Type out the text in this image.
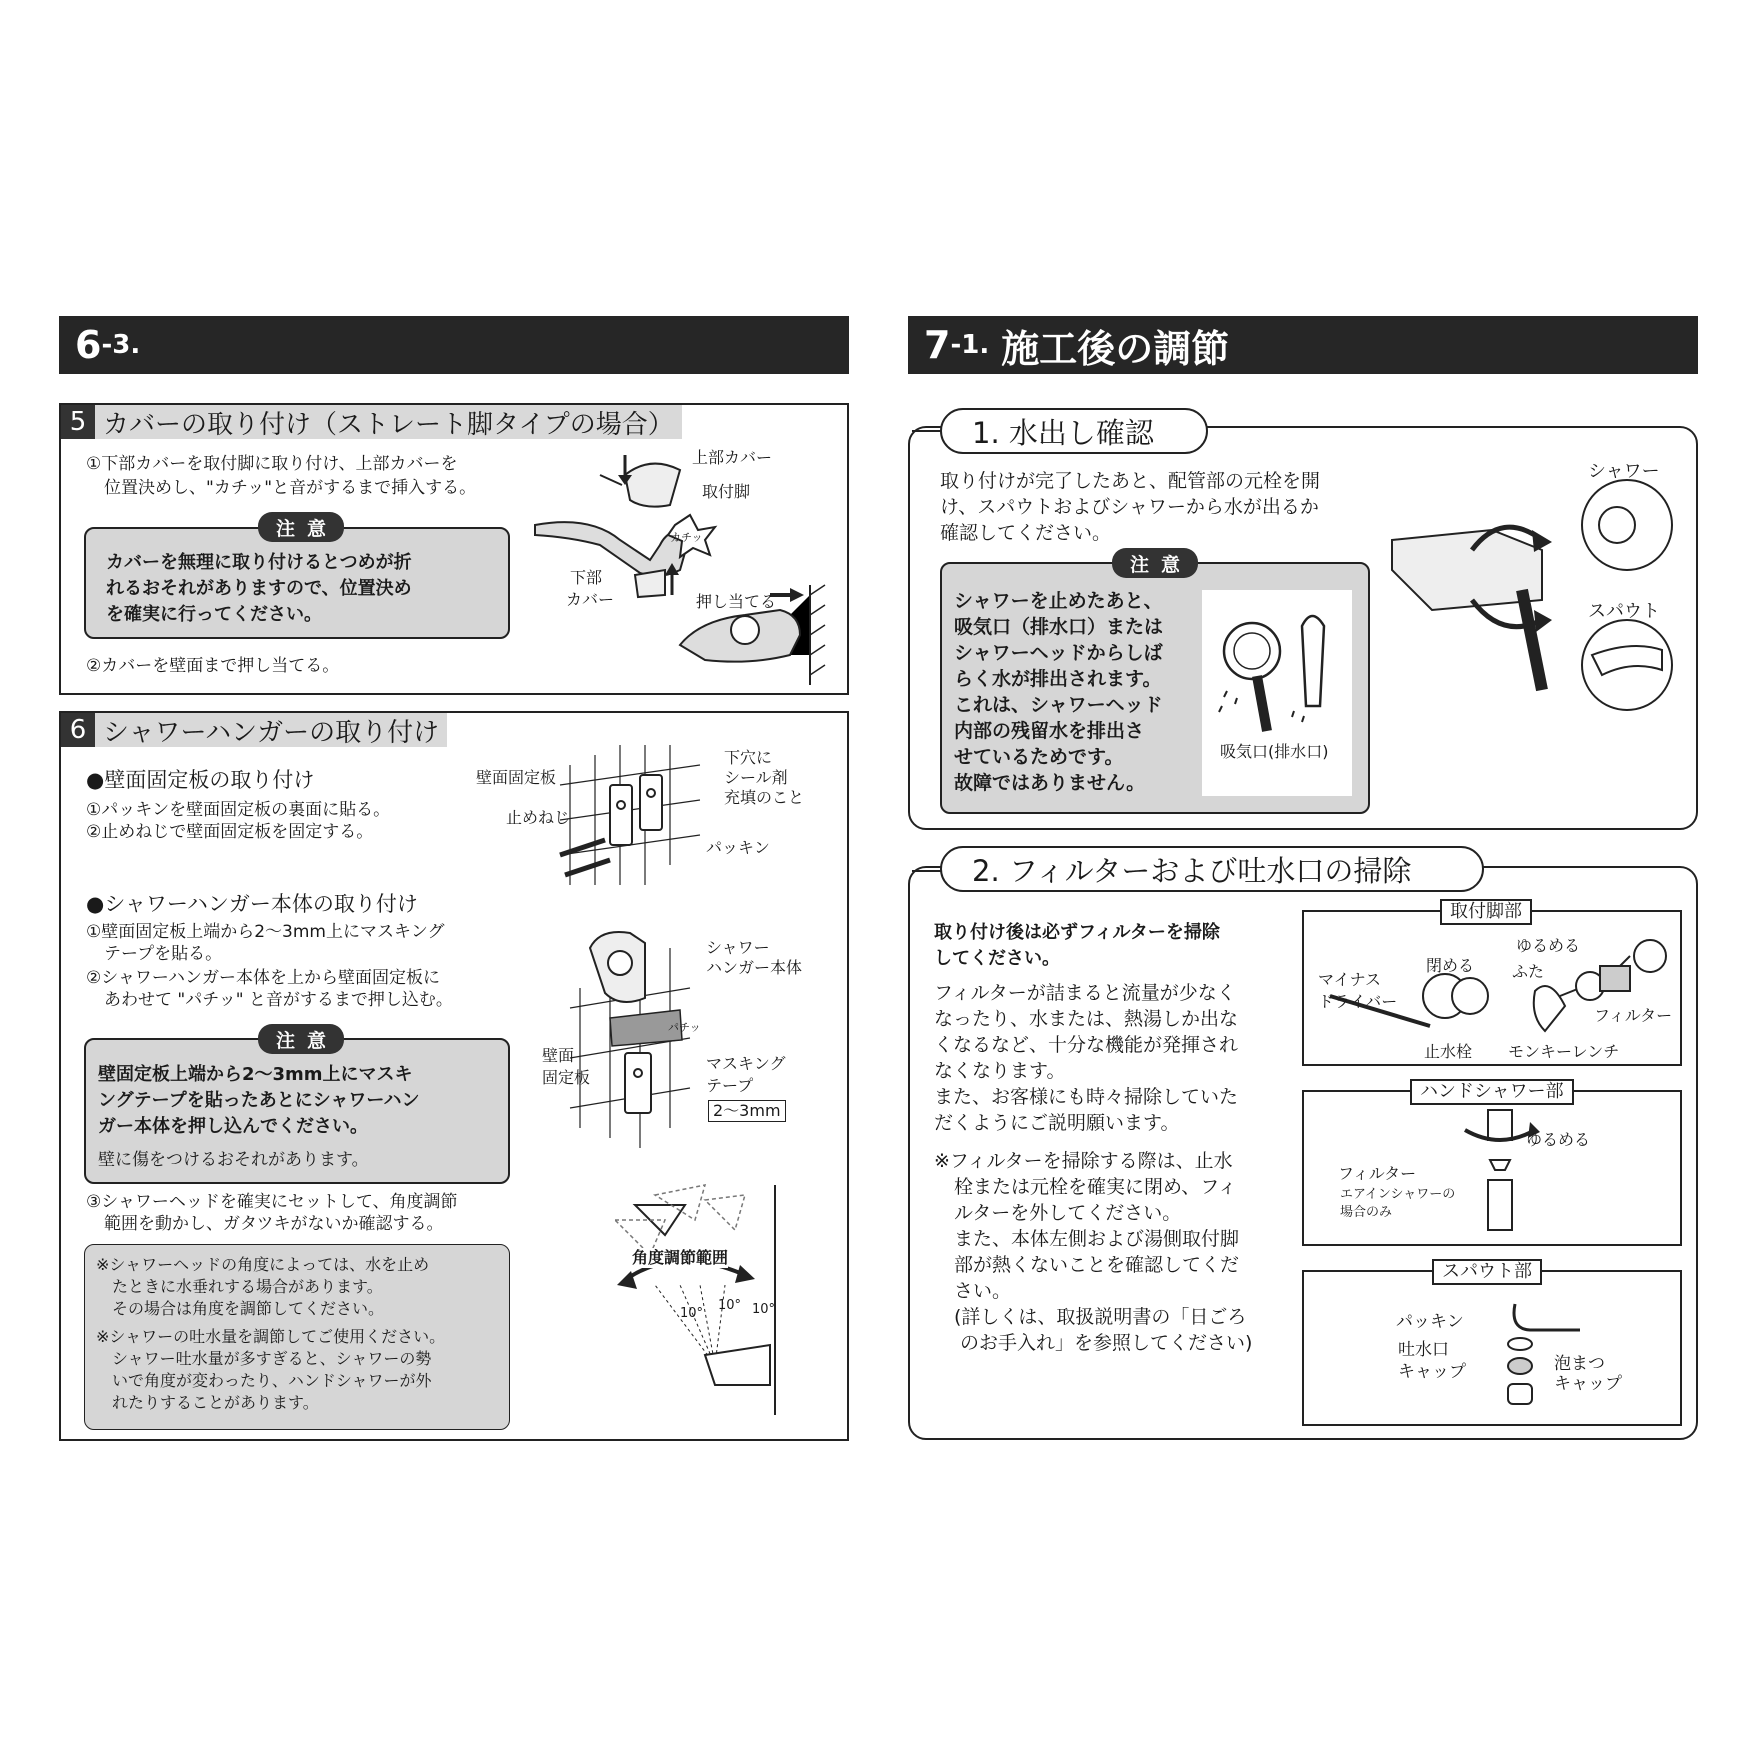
6 -3.	7 -1. 施工後の調節
5 カバーの取り付け（ストレート脚タイプの場合）
①下部カバーを取付脚に取り付け、上部カバーを
位置決めし、"カチッ"と音がするまで挿入する。
注意
カバーを無理に取り付けるとつめが折
れるおそれがありますので、位置決め
を確実に行ってください。
②カバーを壁面まで押し当てる。
上部カバー
取付脚
カチッ
下部
カバー	押し当てる
6 シャワーハンガーの取り付け
●壁面固定板の取り付け
①パッキンを壁面固定板の裏面に貼る。
②止めねじで壁面固定板を固定する。
●シャワーハンガー本体の取り付け
①壁面固定板上端から2～3mm上にマスキング
テープを貼る。
②シャワーハンガー本体を上から壁面固定板に
あわせて "パチッ" と音がするまで押し込む。
注意
壁固定板上端から2～3mm上にマスキ
ングテープを貼ったあとにシャワーハン
ガー本体を押し込んでください。
壁に傷をつけるおそれがあります。
③シャワーヘッドを確実にセットして、角度調節
範囲を動かし、ガタツキがないか確認する。
※シャワーヘッドの角度によっては、水を止め
たときに水垂れする場合があります。
その場合は角度を調節してください。
※シャワーの吐水量を調節してご使用ください。
シャワー吐水量が多すぎると、シャワーの勢
いで角度が変わったり、ハンドシャワーが外
れたりすることがあります。
壁面固定板
下穴に
シール剤
充填のこと
止めねじ
パッキン
シャワー
ハンガー本体
パチッ
壁面
固定板
マスキング
テープ
2～3mm
角度調節範囲
10°
10° 10°
1. 水出し確認
取り付けが完了したあと、配管部の元栓を開
け、スパウトおよびシャワーから水が出るか
確認してください。
注意
シャワーを止めたあと、
吸気口（排水口）または
シャワーヘッドからしば
らく水が排出されます。
これは、シャワーヘッド
内部の残留水を排出さ
せているためです。
故障ではありません。
吸気口(排水口)
シャワー
スパウト
2. フィルターおよび吐水口の掃除
取り付け後は必ずフィルターを掃除
してください。
フィルターが詰まると流量が少なく
なったり、水または、熱湯しか出な
くなるなど、十分な機能が発揮され
なくなります。
また、お客様にも時々掃除していた
だくようにご説明願います。
※フィルターを掃除する際は、止水
栓または元栓を確実に閉め、フィ
ルターを外してください。
また、本体左側および湯側取付脚
部が熱くないことを確認してくだ
さい。
(詳しくは、取扱説明書の「日ごろ
のお手入れ」を参照してください)
取付脚部
マイナス
ドライバー
閉める
ゆるめる
ふた
フィルター
止水栓 モンキーレンチ
ハンドシャワー部
ゆるめる
フィルター
エアインシャワーの
場合のみ
スパウト部
パッキン
吐水口
キャップ	泡まつ
キャップ
